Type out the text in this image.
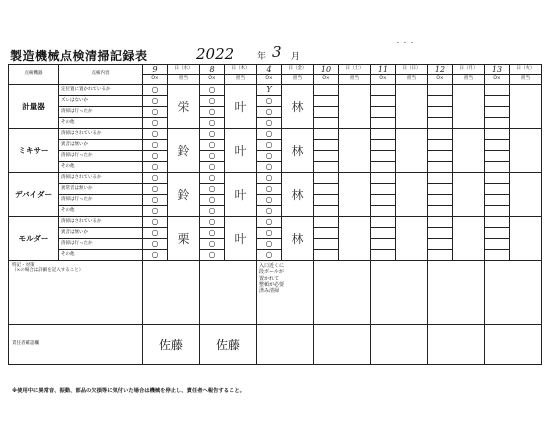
製造機械点検清掃記録表	2022	年 3 月
・・・
点検機器	点検内容	9	日（水）	8	日（木）	4	日（金）	10	日（土）	11	日（日）	12	日（月）	13	日（火）
		O×	担当	O×	担当	O×	担当	O×	担当	O×	担当	O×	担当	O×	担当
計量器	定位置に置かれているか	○	栄	○	叶	Y	林								
	ズレはないか	○		○		○									
	清掃は行ったか	○		○		○									
	その他	○		○		○									
ミキサー	清掃はされているか	○	鈴	○	叶	○	林								
	異音は無いか	○		○		○									
	清掃は行ったか	○		○		○									
	その他	○		○		○									
デバイダー	清掃はされているか	○	鈴	○	叶	○	林								
	異常音は無いか	○		○		○									
	清掃は行ったか	○		○		○									
	その他	○		○		○									
モルダー	清掃はされているか	○	栗	○	叶	○	林								
	異音は無いか	○		○		○									
	清掃は行ったか	○		○		○									
	その他	○		○		○									
特記・対策
（×の場合は詳細を記入すること）						入口近くに
段ボールが
置かれて
整頓が必要
済み清掃									
責任者確認欄		佐藤		佐藤											
※使用中に異常音、振動、部品の欠損等に気付いた場合は機械を停止し、責任者へ報告すること。
